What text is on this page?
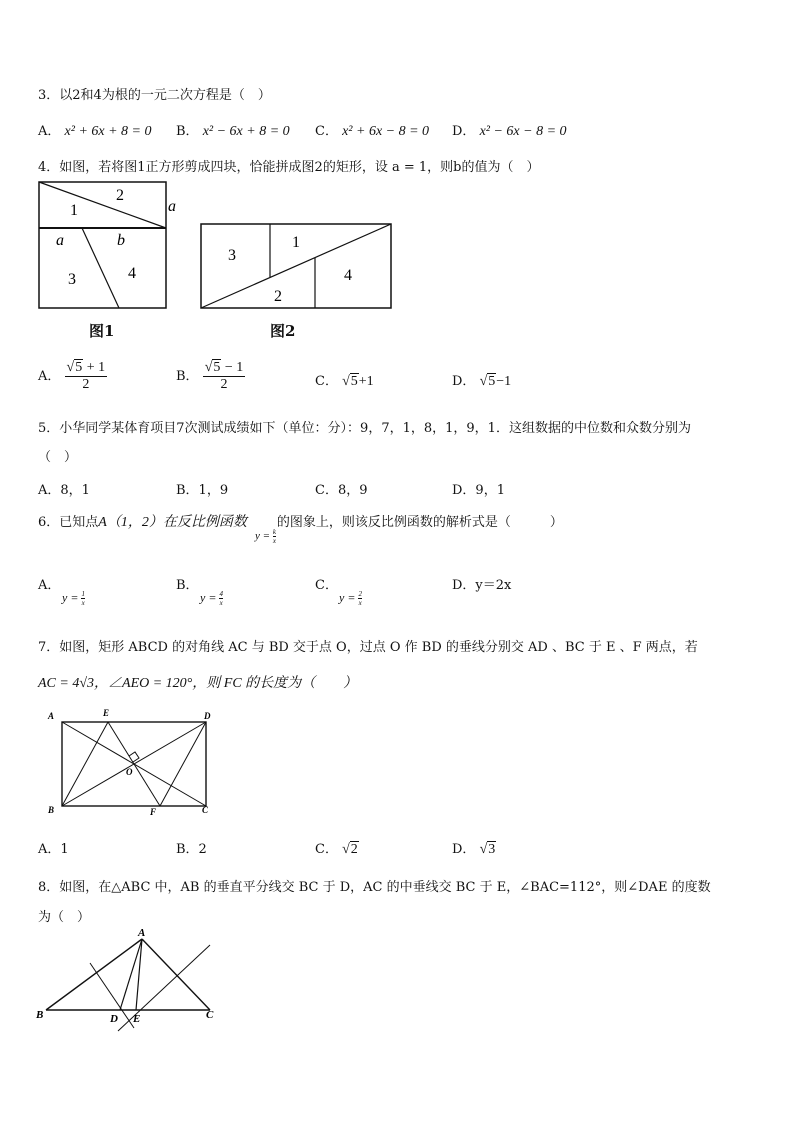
3．以2和4为根的一元二次方程是（　）
A． x² + 6x + 8 = 0 B． x² − 6x + 8 = 0 C． x² + 6x − 8 = 0 D． x² − 6x − 8 = 0
4．如图，若将图1正方形剪成四块，恰能拼成图2的矩形，设 a = 1，则b的值为（　）
1
2
a
a	b
3	4
3
1
2
4
图1	图2
A． $\frac{√5 + 1}{2}$	B． $\frac{√5 - 1}{2}$	C． √5+1	D． √5−1
5．小华同学某体育项目7次测试成绩如下（单位：分）：9，7，1，8，1，9，1．这组数据的中位数和众数分别为
（　）
A．8，1	B．1，9	C．8，9	D．9，1
6．已知点A（1，2）在反比例函数 的图象上，则该反比例函数的解析式是（　　　）
$y = \frac{k}{x}$
A．
$y = \frac{1}{x}$
B．
$y = \frac{4}{x}$
C．
$y = \frac{2}{x}$
D．y＝2x
7．如图，矩形 ABCD 的对角线 AC 与 BD 交于点 O，过点 O 作 BD 的垂线分别交 AD 、BC 于 E 、F 两点，若
AC = 4√3，∠AEO = 120°，则 FC 的长度为（　　）
A	E	D
O
B	F	C
A．1	B．2	C． √2	D． √3
8．如图，在△ABC 中，AB 的垂直平分线交 BC 于 D，AC 的中垂线交 BC 于 E，∠BAC=112°，则∠DAE 的度数
为（　）
A
B	D E	C
